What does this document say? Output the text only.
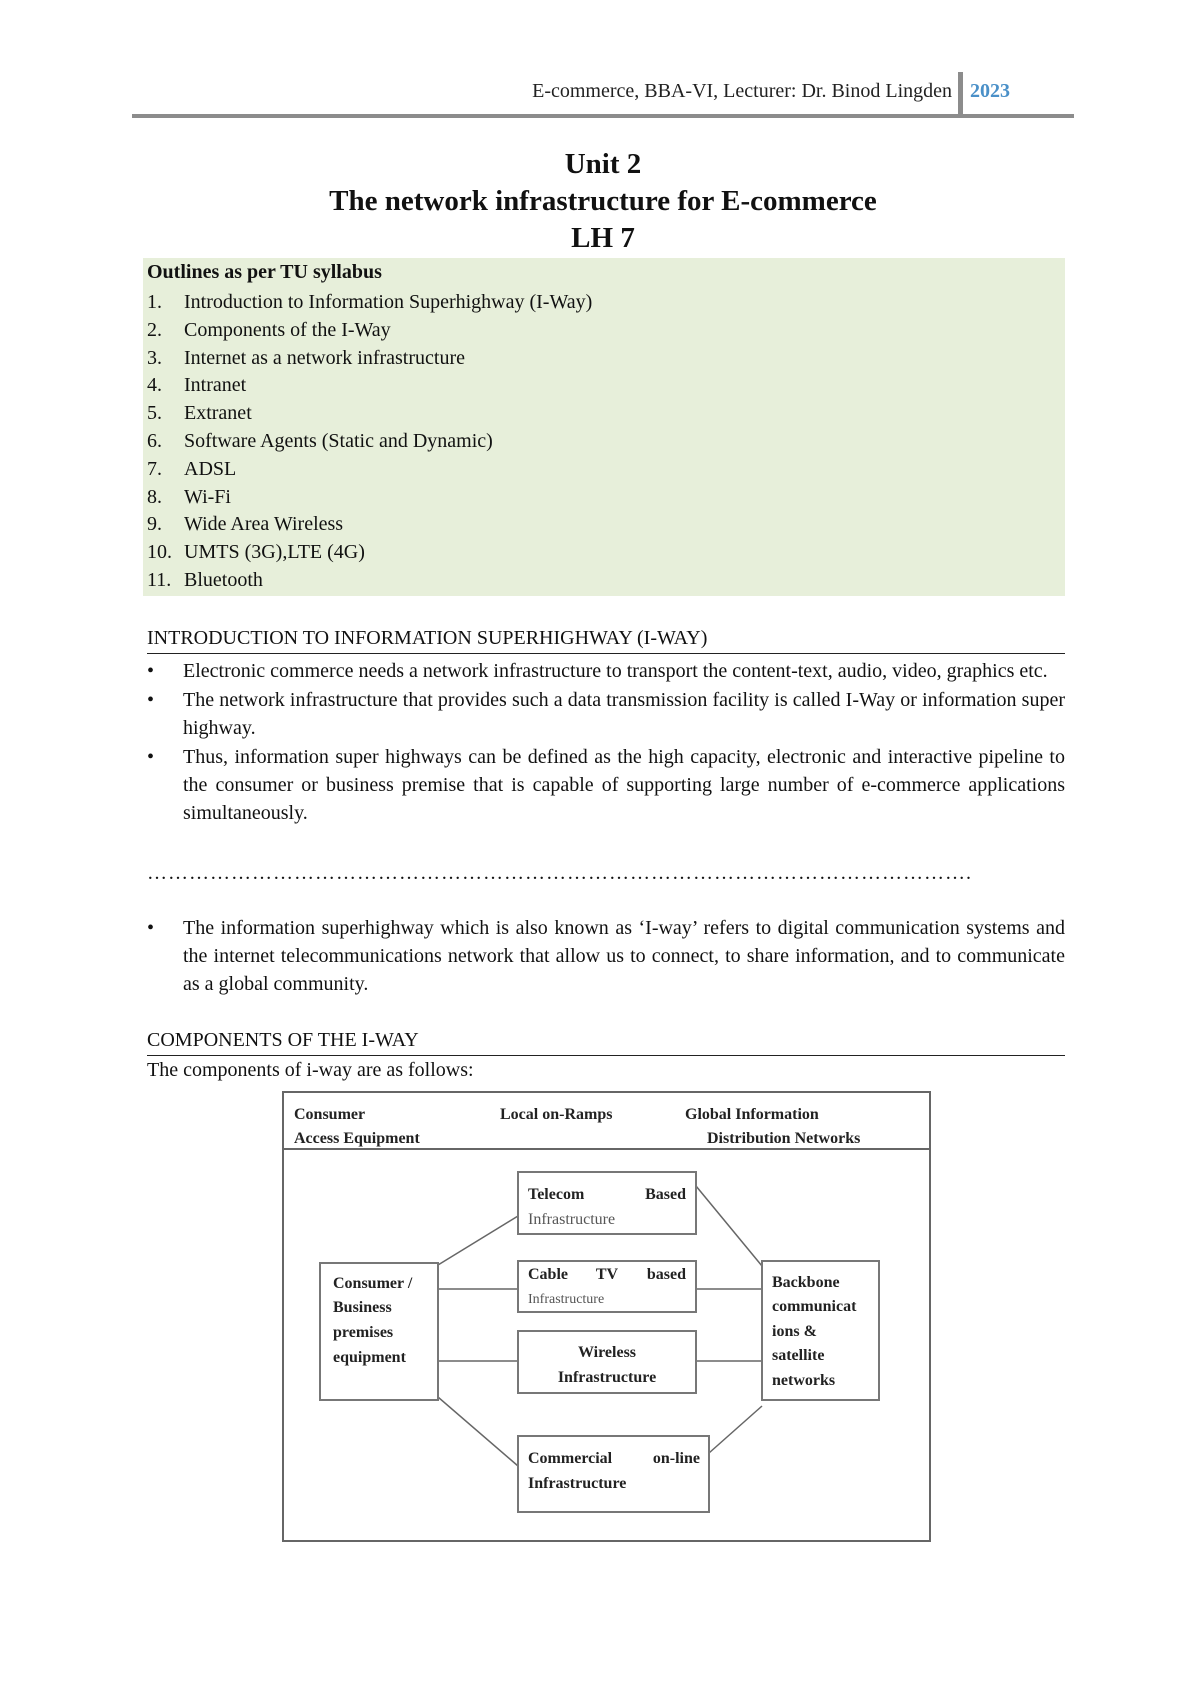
E-commerce, BBA-VI, Lecturer: Dr. Binod Lingden 2023
Unit 2
The network infrastructure for E-commerce
LH 7
Outlines as per TU syllabus
1. Introduction to Information Superhighway (I-Way)
2. Components of the I-Way
3. Internet as a network infrastructure
4. Intranet
5. Extranet
6. Software Agents (Static and Dynamic)
7. ADSL
8. Wi-Fi
9. Wide Area Wireless
10. UMTS (3G),LTE (4G)
11. Bluetooth
INTRODUCTION TO INFORMATION SUPERHIGHWAY (I-WAY)
• Electronic commerce needs a network infrastructure to transport the content-text, audio, video, graphics etc.
• The network infrastructure that provides such a data transmission facility is called I-Way or information super highway.
• Thus, information super highways can be defined as the high capacity, electronic and interactive pipeline to the consumer or business premise that is capable of supporting large number of e-commerce applications simultaneously.
……………………………………………………………………………………………………….
• The information superhighway which is also known as ‘I-way’ refers to digital communication systems and the internet telecommunications network that allow us to connect, to share information, and to communicate as a global community.
COMPONENTS OF THE I-WAY
The components of i-way are as follows:
Consumer
Access Equipment
Local on-Ramps	Global Information
Distribution Networks
Consumer /
Business
premises
equipment
Telecom	Based
Infrastructure
Cable TV based
Infrastructure
Wireless
Infrastructure
Commercial	on-line
Infrastructure
Backbone
communicat
ions &
satellite
networks
